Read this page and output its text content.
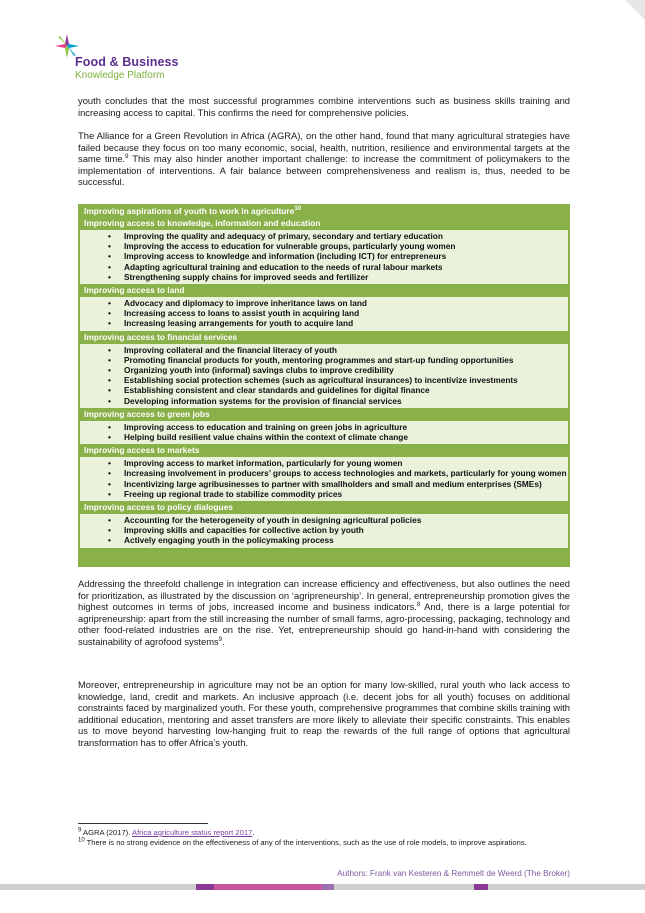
Food & Business
Knowledge Platform
youth concludes that the most successful programmes combine interventions such as business skills training and increasing access to capital. This confirms the need for comprehensive policies.
The Alliance for a Green Revolution in Africa (AGRA), on the other hand, found that many agricultural strategies have failed because they focus on too many economic, social, health, nutrition, resilience and environmental targets at the same time.$^9$ This may also hinder another important challenge: to increase the commitment of policymakers to the implementation of interventions. A fair balance between comprehensiveness and realism is, thus, needed to be successful.
Improving aspirations of youth to work in agriculture$^{10}$
Improving access to knowledge, information and education
• Improving the quality and adequacy of primary, secondary and tertiary education
• Improving the access to education for vulnerable groups, particularly young women
• Improving access to knowledge and information (including ICT) for entrepreneurs
• Adapting agricultural training and education to the needs of rural labour markets
• Strengthening supply chains for improved seeds and fertilizer
Improving access to land
• Advocacy and diplomacy to improve inheritance laws on land
• Increasing access to loans to assist youth in acquiring land
• Increasing leasing arrangements for youth to acquire land
Improving access to financial services
• Improving collateral and the financial literacy of youth
• Promoting financial products for youth, mentoring programmes and start-up funding opportunities
• Organizing youth into (informal) savings clubs to improve credibility
• Establishing social protection schemes (such as agricultural insurances) to incentivize investments
• Establishing consistent and clear standards and guidelines for digital finance
• Developing information systems for the provision of financial services
Improving access to green jobs
• Improving access to education and training on green jobs in agriculture
• Helping build resilient value chains within the context of climate change
Improving access to markets
• Improving access to market information, particularly for young women
• Increasing involvement in producers’ groups to access technologies and markets, particularly for young women
• Incentivizing large agribusinesses to partner with smallholders and small and medium enterprises (SMEs)
• Freeing up regional trade to stabilize commodity prices
Improving access to policy dialogues
• Accounting for the heterogeneity of youth in designing agricultural policies
• Improving skills and capacities for collective action by youth
• Actively engaging youth in the policymaking process
Addressing the threefold challenge in integration can increase efficiency and effectiveness, but also outlines the need for prioritization, as illustrated by the discussion on ‘agripreneurship’. In general, entrepreneurship promotion gives the highest outcomes in terms of jobs, increased income and business indicators.$^8$ And, there is a large potential for agripreneurship: apart from the still increasing the number of small farms, agro-processing, packaging, technology and other food-related industries are on the rise. Yet, entrepreneurship should go hand-in-hand with considering the sustainability of agrofood systems$^9$.
Moreover, entrepreneurship in agriculture may not be an option for many low-skilled, rural youth who lack access to knowledge, land, credit and markets. An inclusive approach (i.e. decent jobs for all youth) focuses on additional constraints faced by marginalized youth. For these youth, comprehensive programmes that combine skills training with additional education, mentoring and asset transfers are more likely to alleviate their specific constraints. This enables us to move beyond harvesting low-hanging fruit to reap the rewards of the full range of options that agricultural transformation has to offer Africa’s youth.
$^9$ AGRA (2017). Africa agriculture status report 2017.
$^{10}$ There is no strong evidence on the effectiveness of any of the interventions, such as the use of role models, to improve aspirations.
Authors: Frank van Kesteren & Remmelt de Weerd (The Broker)
